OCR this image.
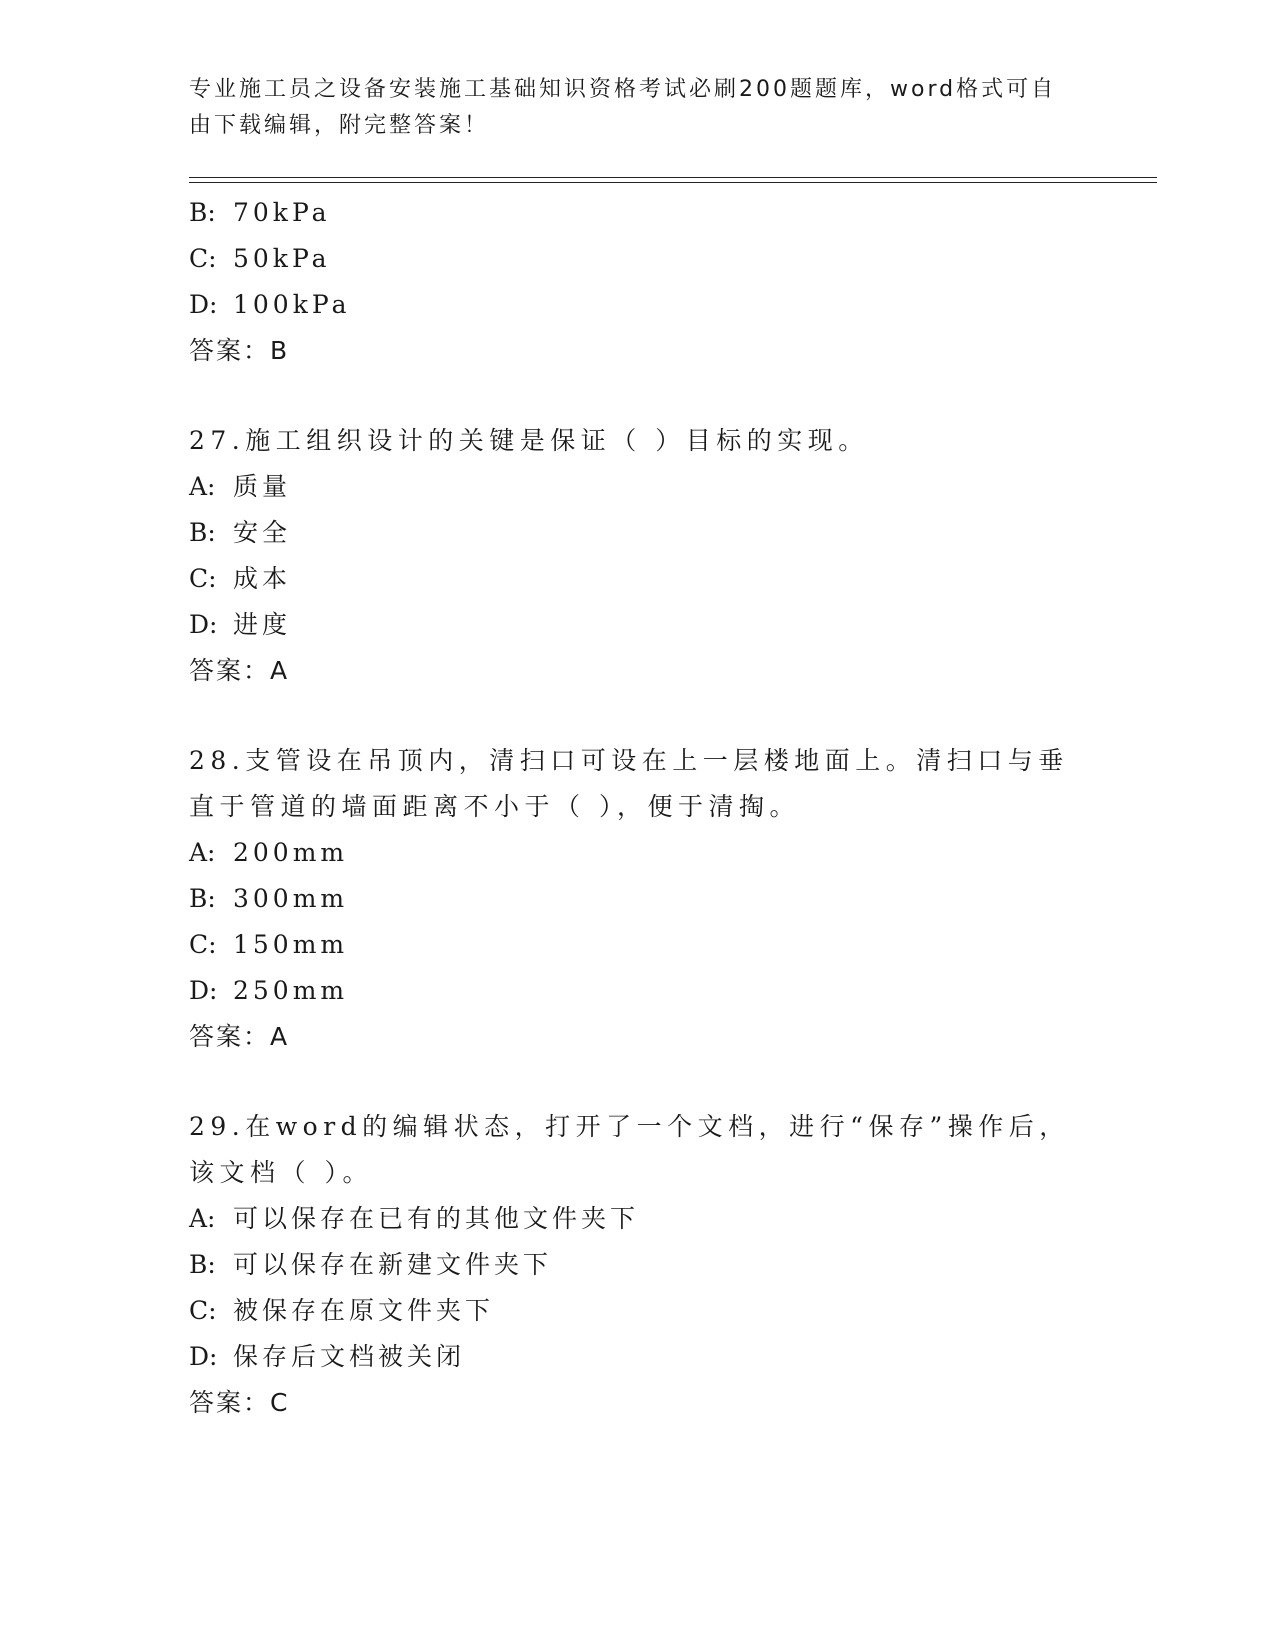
专业施工员之设备安装施工基础知识资格考试必刷200题题库，word格式可自由下载编辑，附完整答案！
B: 70kPa
C: 50kPa
D: 100kPa
答案：B
27.施工组织设计的关键是保证（ ）目标的实现。
A: 质量
B: 安全
C: 成本
D: 进度
答案：A
28.支管设在吊顶内，清扫口可设在上一层楼地面上。清扫口与垂直于管道的墙面距离不小于（ ），便于清掏。
A: 200mm
B: 300mm
C: 150mm
D: 250mm
答案：A
29.在word的编辑状态，打开了一个文档，进行“保存”操作后，该文档（ ）。
A: 可以保存在已有的其他文件夹下
B: 可以保存在新建文件夹下
C: 被保存在原文件夹下
D: 保存后文档被关闭
答案：C
